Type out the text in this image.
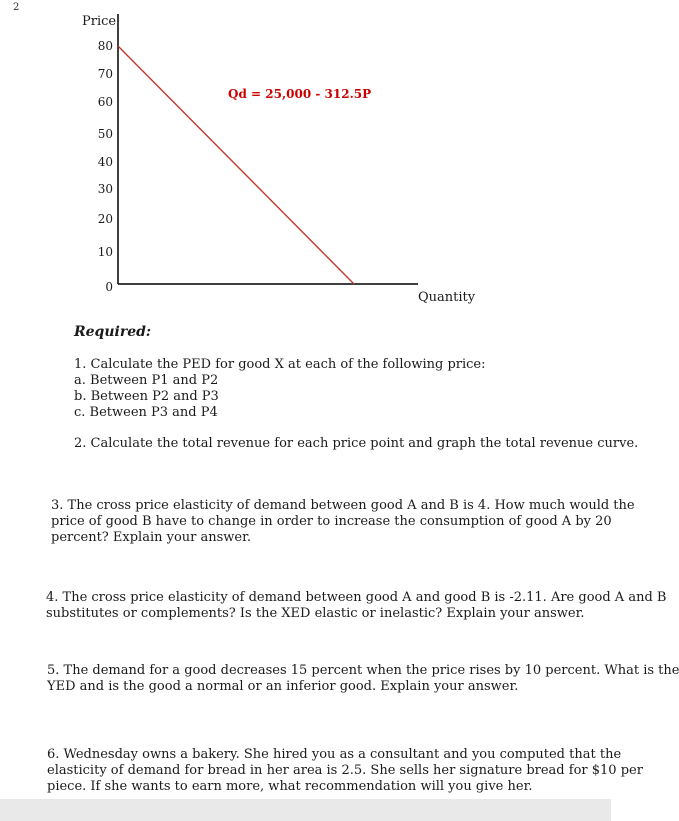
2
80
70
60
50
40
30
20
10
0
Price
Qd = 25,000 - 312.5P
Quantity
Required:
1. Calculate the PED for good X at each of the following price:
a. Between P1 and P2
b. Between P2 and P3
c. Between P3 and P4
2. Calculate the total revenue for each price point and graph the total revenue curve.
3. The cross price elasticity of demand between good A and B is 4. How much would the
price of good B have to change in order to increase the consumption of good A by 20
percent? Explain your answer.
4. The cross price elasticity of demand between good A and good B is -2.11. Are good A and B
substitutes or complements? Is the XED elastic or inelastic? Explain your answer.
5. The demand for a good decreases 15 percent when the price rises by 10 percent. What is the
YED and is the good a normal or an inferior good. Explain your answer.
6. Wednesday owns a bakery. She hired you as a consultant and you computed that the
elasticity of demand for bread in her area is 2.5. She sells her signature bread for $10 per
piece. If she wants to earn more, what recommendation will you give her.
